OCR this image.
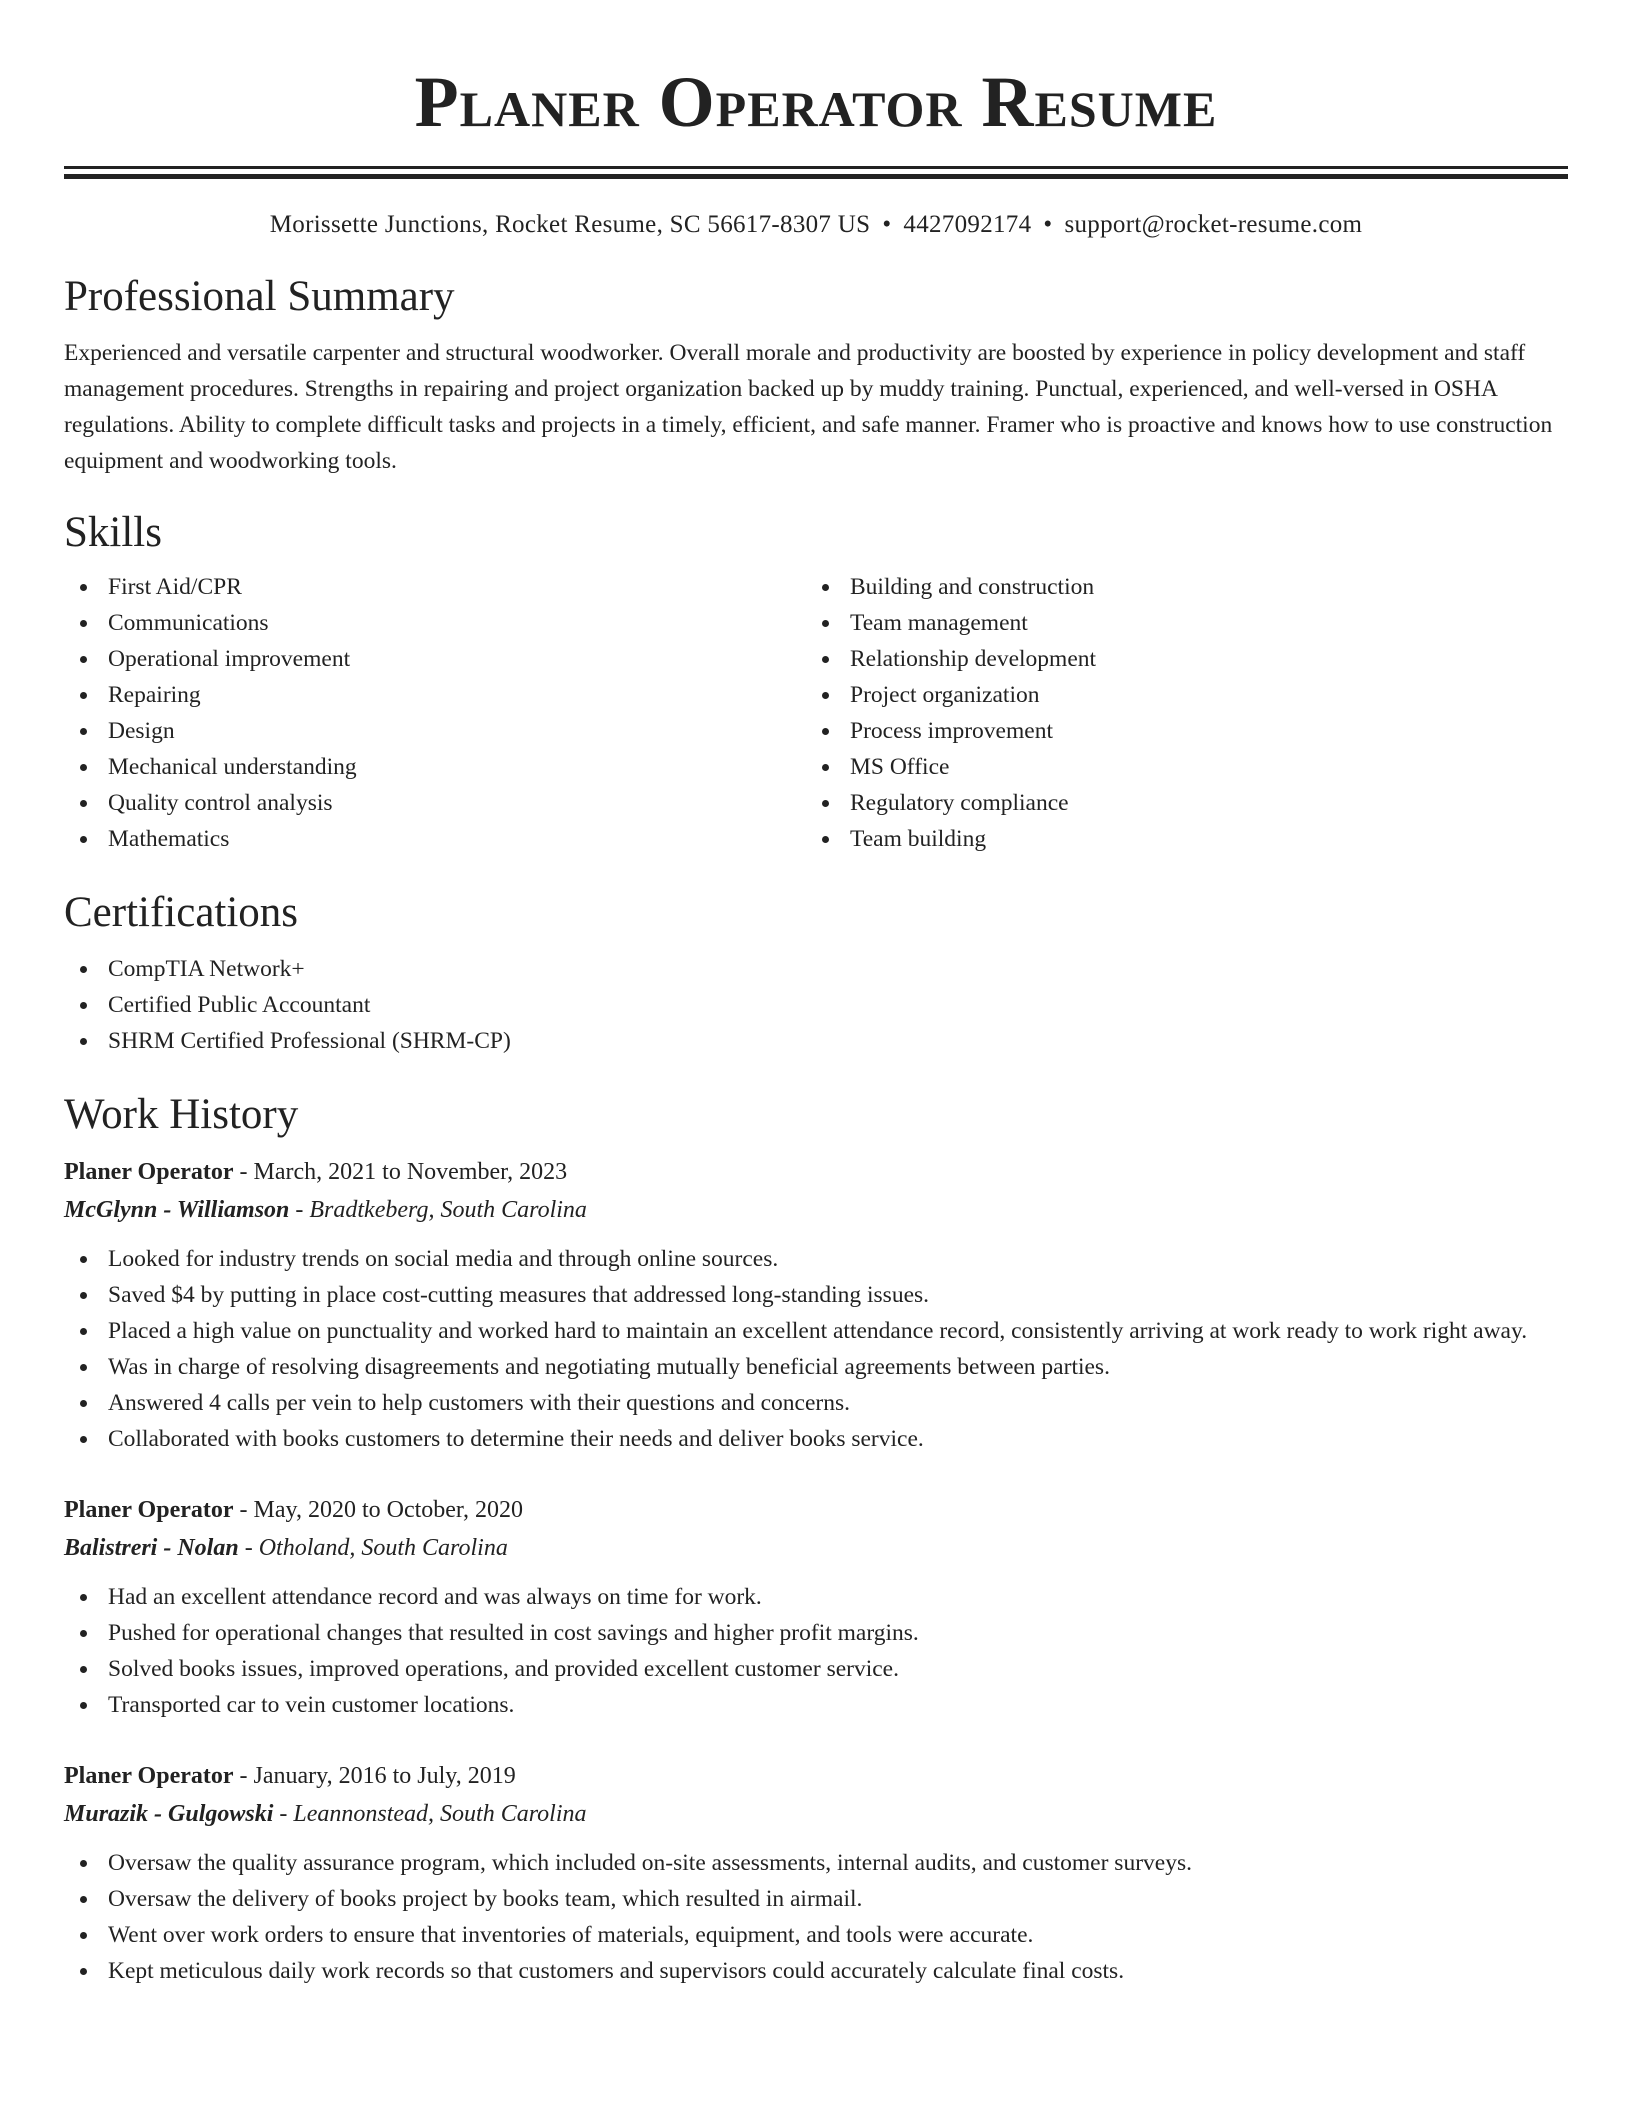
Planer Operator Resume
Morissette Junctions, Rocket Resume, SC 56617-8307 US • 4427092174 • support@rocket-resume.com
Professional Summary
Experienced and versatile carpenter and structural woodworker. Overall morale and productivity are boosted by experience in policy development and staff management procedures. Strengths in repairing and project organization backed up by muddy training. Punctual, experienced, and well-versed in OSHA regulations. Ability to complete difficult tasks and projects in a timely, efficient, and safe manner. Framer who is proactive and knows how to use construction equipment and woodworking tools.
Skills
First Aid/CPR
Communications
Operational improvement
Repairing
Design
Mechanical understanding
Quality control analysis
Mathematics
Building and construction
Team management
Relationship development
Project organization
Process improvement
MS Office
Regulatory compliance
Team building
Certifications
CompTIA Network+
Certified Public Accountant
SHRM Certified Professional (SHRM-CP)
Work History
Planer Operator - March, 2021 to November, 2023
McGlynn - Williamson - Bradtkeberg, South Carolina
Looked for industry trends on social media and through online sources.
Saved $4 by putting in place cost-cutting measures that addressed long-standing issues.
Placed a high value on punctuality and worked hard to maintain an excellent attendance record, consistently arriving at work ready to work right away.
Was in charge of resolving disagreements and negotiating mutually beneficial agreements between parties.
Answered 4 calls per vein to help customers with their questions and concerns.
Collaborated with books customers to determine their needs and deliver books service.
Planer Operator - May, 2020 to October, 2020
Balistreri - Nolan - Otholand, South Carolina
Had an excellent attendance record and was always on time for work.
Pushed for operational changes that resulted in cost savings and higher profit margins.
Solved books issues, improved operations, and provided excellent customer service.
Transported car to vein customer locations.
Planer Operator - January, 2016 to July, 2019
Murazik - Gulgowski - Leannonstead, South Carolina
Oversaw the quality assurance program, which included on-site assessments, internal audits, and customer surveys.
Oversaw the delivery of books project by books team, which resulted in airmail.
Went over work orders to ensure that inventories of materials, equipment, and tools were accurate.
Kept meticulous daily work records so that customers and supervisors could accurately calculate final costs.
